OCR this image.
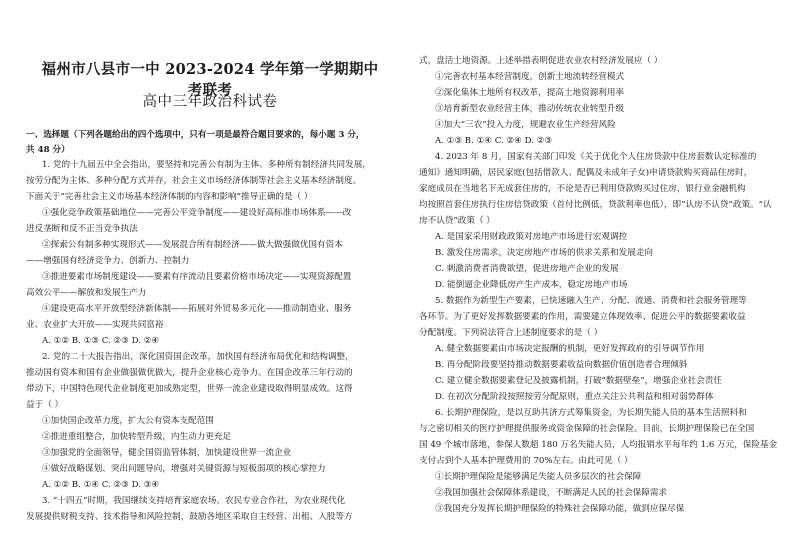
福州市八县市一中 2023-2024 学年第一学期期中考联考
高中三年政治科试卷
一、选择题（下列各题给出的四个选项中，只有一项是最符合题目要求的，每小题 3 分，
共 48 分）
1. 党的十九届五中全会指出，要坚持和完善公有制为主体、多种所有制经济共同发展，
按劳分配为主体、多种分配方式并存，社会主义市场经济体制等社会主义基本经济制度。
下面关于“完善社会主义市场基本经济体制的内容和影响”推导正确的是（ ）
①强化竞争政策基础地位——完善公平竞争制度——建设好高标准市场体系——改
进反垄断和反不正当竞争执法
②探索公有制多种实现形式——发展混合所有制经济——做大做强做优国有资本
——增强国有经济竞争力、创新力、控制力
③推进要素市场制度建设——要素有序流动且要素价格市场决定——实现资源配置
高效公平——解放和发展生产力
④建设更高水平开放型经济新体制——拓展对外贸易多元化——推动制造业、服务
业、农业扩大开放——实现共同富裕
A. ①② B. ①③ C. ②③ D. ②④
2. 党的二十大报告指出，深化国资国企改革，加快国有经济布局优化和结构调整，
推动国有资本和国有企业做强做优做大，提升企业核心竞争力。在国企改革三年行动的
带动下，中国特色现代企业制度更加成熟定型，世界一流企业建设取得明显成效。这得
益于（ ）
①加快国企改革力度，扩大公有资本支配范围
②推进重组整合，加快转型升级，内生动力更充足
③加强党的全面领导，健全国资监管体制，加快建设世界一流企业
④做好战略谋划、突出问题导向，增强对关键资源与短板弱项的核心掌控力
A. ①② B. ①④ C. ②③ D. ③④
3. “十四五”时期，我国继续支持培育家庭农场、农民专业合作社，为农业现代化
发展提供财税支持、技术指导和风险控制，鼓励各地区采取自主经营、出租、入股等方
式，盘活土地资源。上述举措表明促进农业农村经济发展应（ ）
①完善农村基本经营制度，创新土地流转经营模式
②深化集体土地所有权改革，提高土地资源利用率
③培育新型农业经营主体，推动传统农业转型升级
④加大“三农”投入力度，规避农业生产经营风险
A. ①③ B. ①④ C. ②④ D. ②③
4. 2023 年 8 月，国家有关部门印发《关于优化个人住房贷款中住房套数认定标准的
通知》通知明确，居民家庭(包括借款人、配偶及未成年子女)申请贷款购买商品住房时，
家庭成员在当地名下无成套住房的，不论是否已利用贷款购买过住房，银行业金融机构
均按照首套住房执行住房信贷政策（首付比例低，贷款利率也低），即“认房不认贷”政策。“认
房不认贷”政策（ ）
A. 是国家采用财政政策对房地产市场进行宏观调控
B. 激发住房需求，决定房地产市场的供求关系和发展走向
C. 刺激消费者消费欲望，促进房地产企业的发展
D. 能倒逼企业降低房产生产成本，稳定房地产市场
5. 数据作为新型生产要素，已快速融入生产、分配、流通、消费和社会服务管理等
各环节。为了更好发挥数据要素的作用，需要建立体现效率、促进公平的数据要素收益
分配制度。下列说法符合上述制度要求的是（ ）
A. 健全数据要素由市场决定报酬的机制，更好发挥政府的引导调节作用
B. 再分配阶段要坚持推动数据要素收益向数据价值创造者合理倾斜
C. 建立健全数据要素登记及披露机制，打破“数据壁垒”，增强企业社会责任
D. 在初次分配阶段按照按劳分配原则，重点关注公共利益和相对弱势群体
6. 长期护理保险，是以互助共济方式筹集资金，为长期失能人员的基本生活照料和
与之密切相关的医疗护理提供服务或资金保障的社会保险。目前，长期护理保险已在全国
国 49 个城市落地，参保人数超 180 万名失能人员，人均报销水平每年约 1.6 万元，保险基金
支付占到个人基本护理费用的 70%左右。由此可见（ ）
①长期护理保险是能够满足失能人员多层次的社会保障
②我国加强社会保障体系建设，不断满足人民的社会保障需求
③我国充分发挥长期护理保险的特殊社会保障功能，做到应保尽保
